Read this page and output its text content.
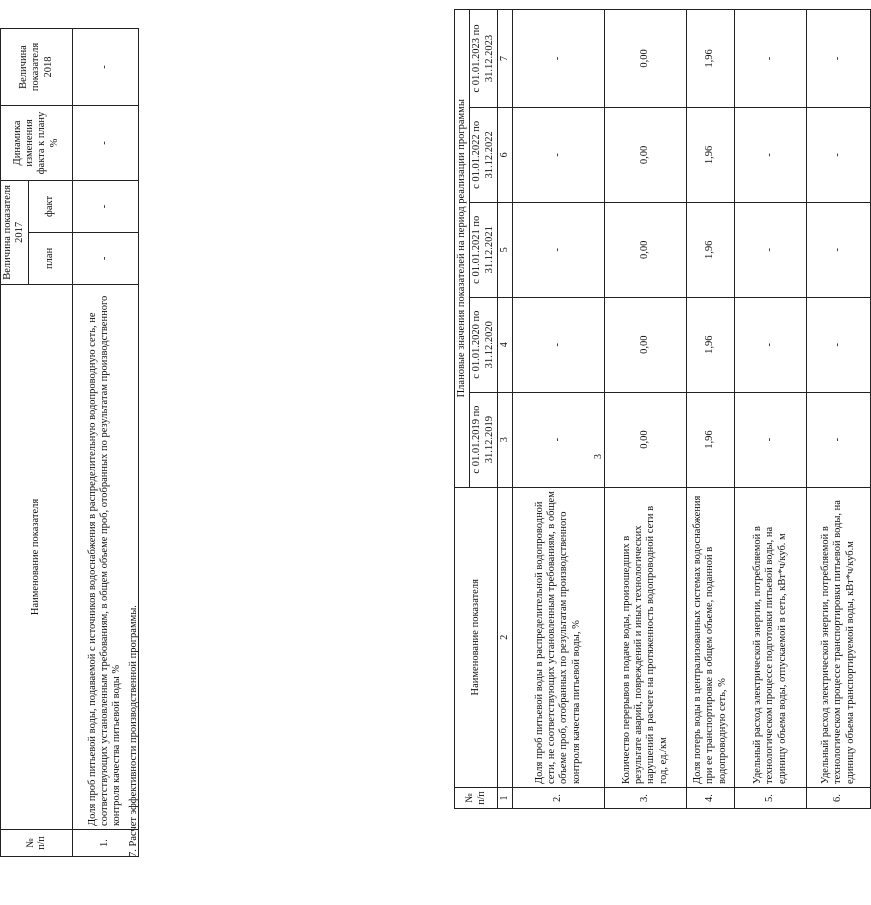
3
№ п/п	Наименование показателя	Плановые значения показателей на период реализации программы				
		с 01.01.2019 по 31.12.2019	с 01.01.2020 по 31.12.2020	с 01.01.2021 по 31.12.2021	с 01.01.2022 по 31.12.2022	с 01.01.2023 по 31.12.2023
1	2	3	4	5	6	7
2.	Доля проб питьевой воды в распределительной водопроводной сети, не соответствующих установленным требованиям, в общем объеме проб, отобранных по результатам производственного контроля качества питьевой воды, %	-	-	-	-	-
3.	Количество перерывов в подаче воды, произошедших в результате аварий, повреждений и иных технологических нарушений в расчете на протяженность водопроводной сети в год, ед./км	0,00	0,00	0,00	0,00	0,00
4.	Доля потерь воды в централизованных системах водоснабжения при ее транспортировке в общем объеме, поданной в водопроводную сеть, %	1,96	1,96	1,96	1,96	1,96
5.	Удельный расход электрической энергии, потребляемой в технологическом процессе подготовки питьевой воды, на единицу объема воды, отпускаемой в сеть, кВт*ч/куб. м	-	-	-	-	-
6.	Удельный расход электрической энергии, потребляемой в технологическом процессе транспортировки питьевой воды, на единицу объема транспортируемой воды, кВт*ч/куб.м	-	-	-	-	-
7. Расчет эффективности производственной программы.
№ п/п	Наименование показателя	Величина показателя 2017		Динамика изменения факта к плану %	Величина показателя 2018
		план	факт		
1.	Доля проб питьевой воды, подаваемой с источников водоснабжения в распределительную водопроводную сеть, не соответствующих установленным требованиям, в общем объеме проб, отобранных по результатам производственного контроля качества питьевой воды %	-	-	-	-
